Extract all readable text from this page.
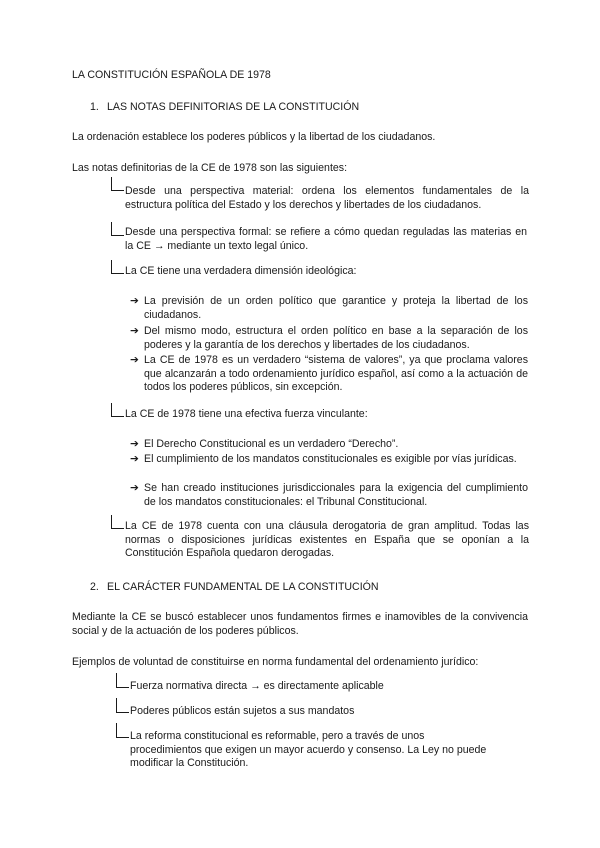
LA CONSTITUCIÓN ESPAÑOLA DE 1978
1. LAS NOTAS DEFINITORIAS DE LA CONSTITUCIÓN
La ordenación establece los poderes públicos y la libertad de los ciudadanos.
Las notas definitorias de la CE de 1978 son las siguientes:
Desde una perspectiva material: ordena los elementos fundamentales de la estructura política del Estado y los derechos y libertades de los ciudadanos.
Desde una perspectiva formal: se refiere a cómo quedan reguladas las materias en la CE → mediante un texto legal único.
La CE tiene una verdadera dimensión ideológica:
➔ La previsión de un orden político que garantice y proteja la libertad de los ciudadanos.
➔ Del mismo modo, estructura el orden político en base a la separación de los poderes y la garantía de los derechos y libertades de los ciudadanos.
➔ La CE de 1978 es un verdadero “sistema de valores”, ya que proclama valores que alcanzarán a todo ordenamiento jurídico español, así como a la actuación de todos los poderes públicos, sin excepción.
La CE de 1978 tiene una efectiva fuerza vinculante:
➔ El Derecho Constitucional es un verdadero “Derecho”.
➔ El cumplimiento de los mandatos constitucionales es exigible por vías jurídicas.
➔ Se han creado instituciones jurisdiccionales para la exigencia del cumplimiento de los mandatos constitucionales: el Tribunal Constitucional.
La CE de 1978 cuenta con una cláusula derogatoria de gran amplitud. Todas las normas o disposiciones jurídicas existentes en España que se oponían a la Constitución Española quedaron derogadas.
2. EL CARÁCTER FUNDAMENTAL DE LA CONSTITUCIÓN
Mediante la CE se buscó establecer unos fundamentos firmes e inamovibles de la convivencia social y de la actuación de los poderes públicos.
Ejemplos de voluntad de constituirse en norma fundamental del ordenamiento jurídico:
Fuerza normativa directa → es directamente aplicable
Poderes públicos están sujetos a sus mandatos
La reforma constitucional es reformable, pero a través de unos procedimientos que exigen un mayor acuerdo y consenso. La Ley no puede modificar la Constitución.
